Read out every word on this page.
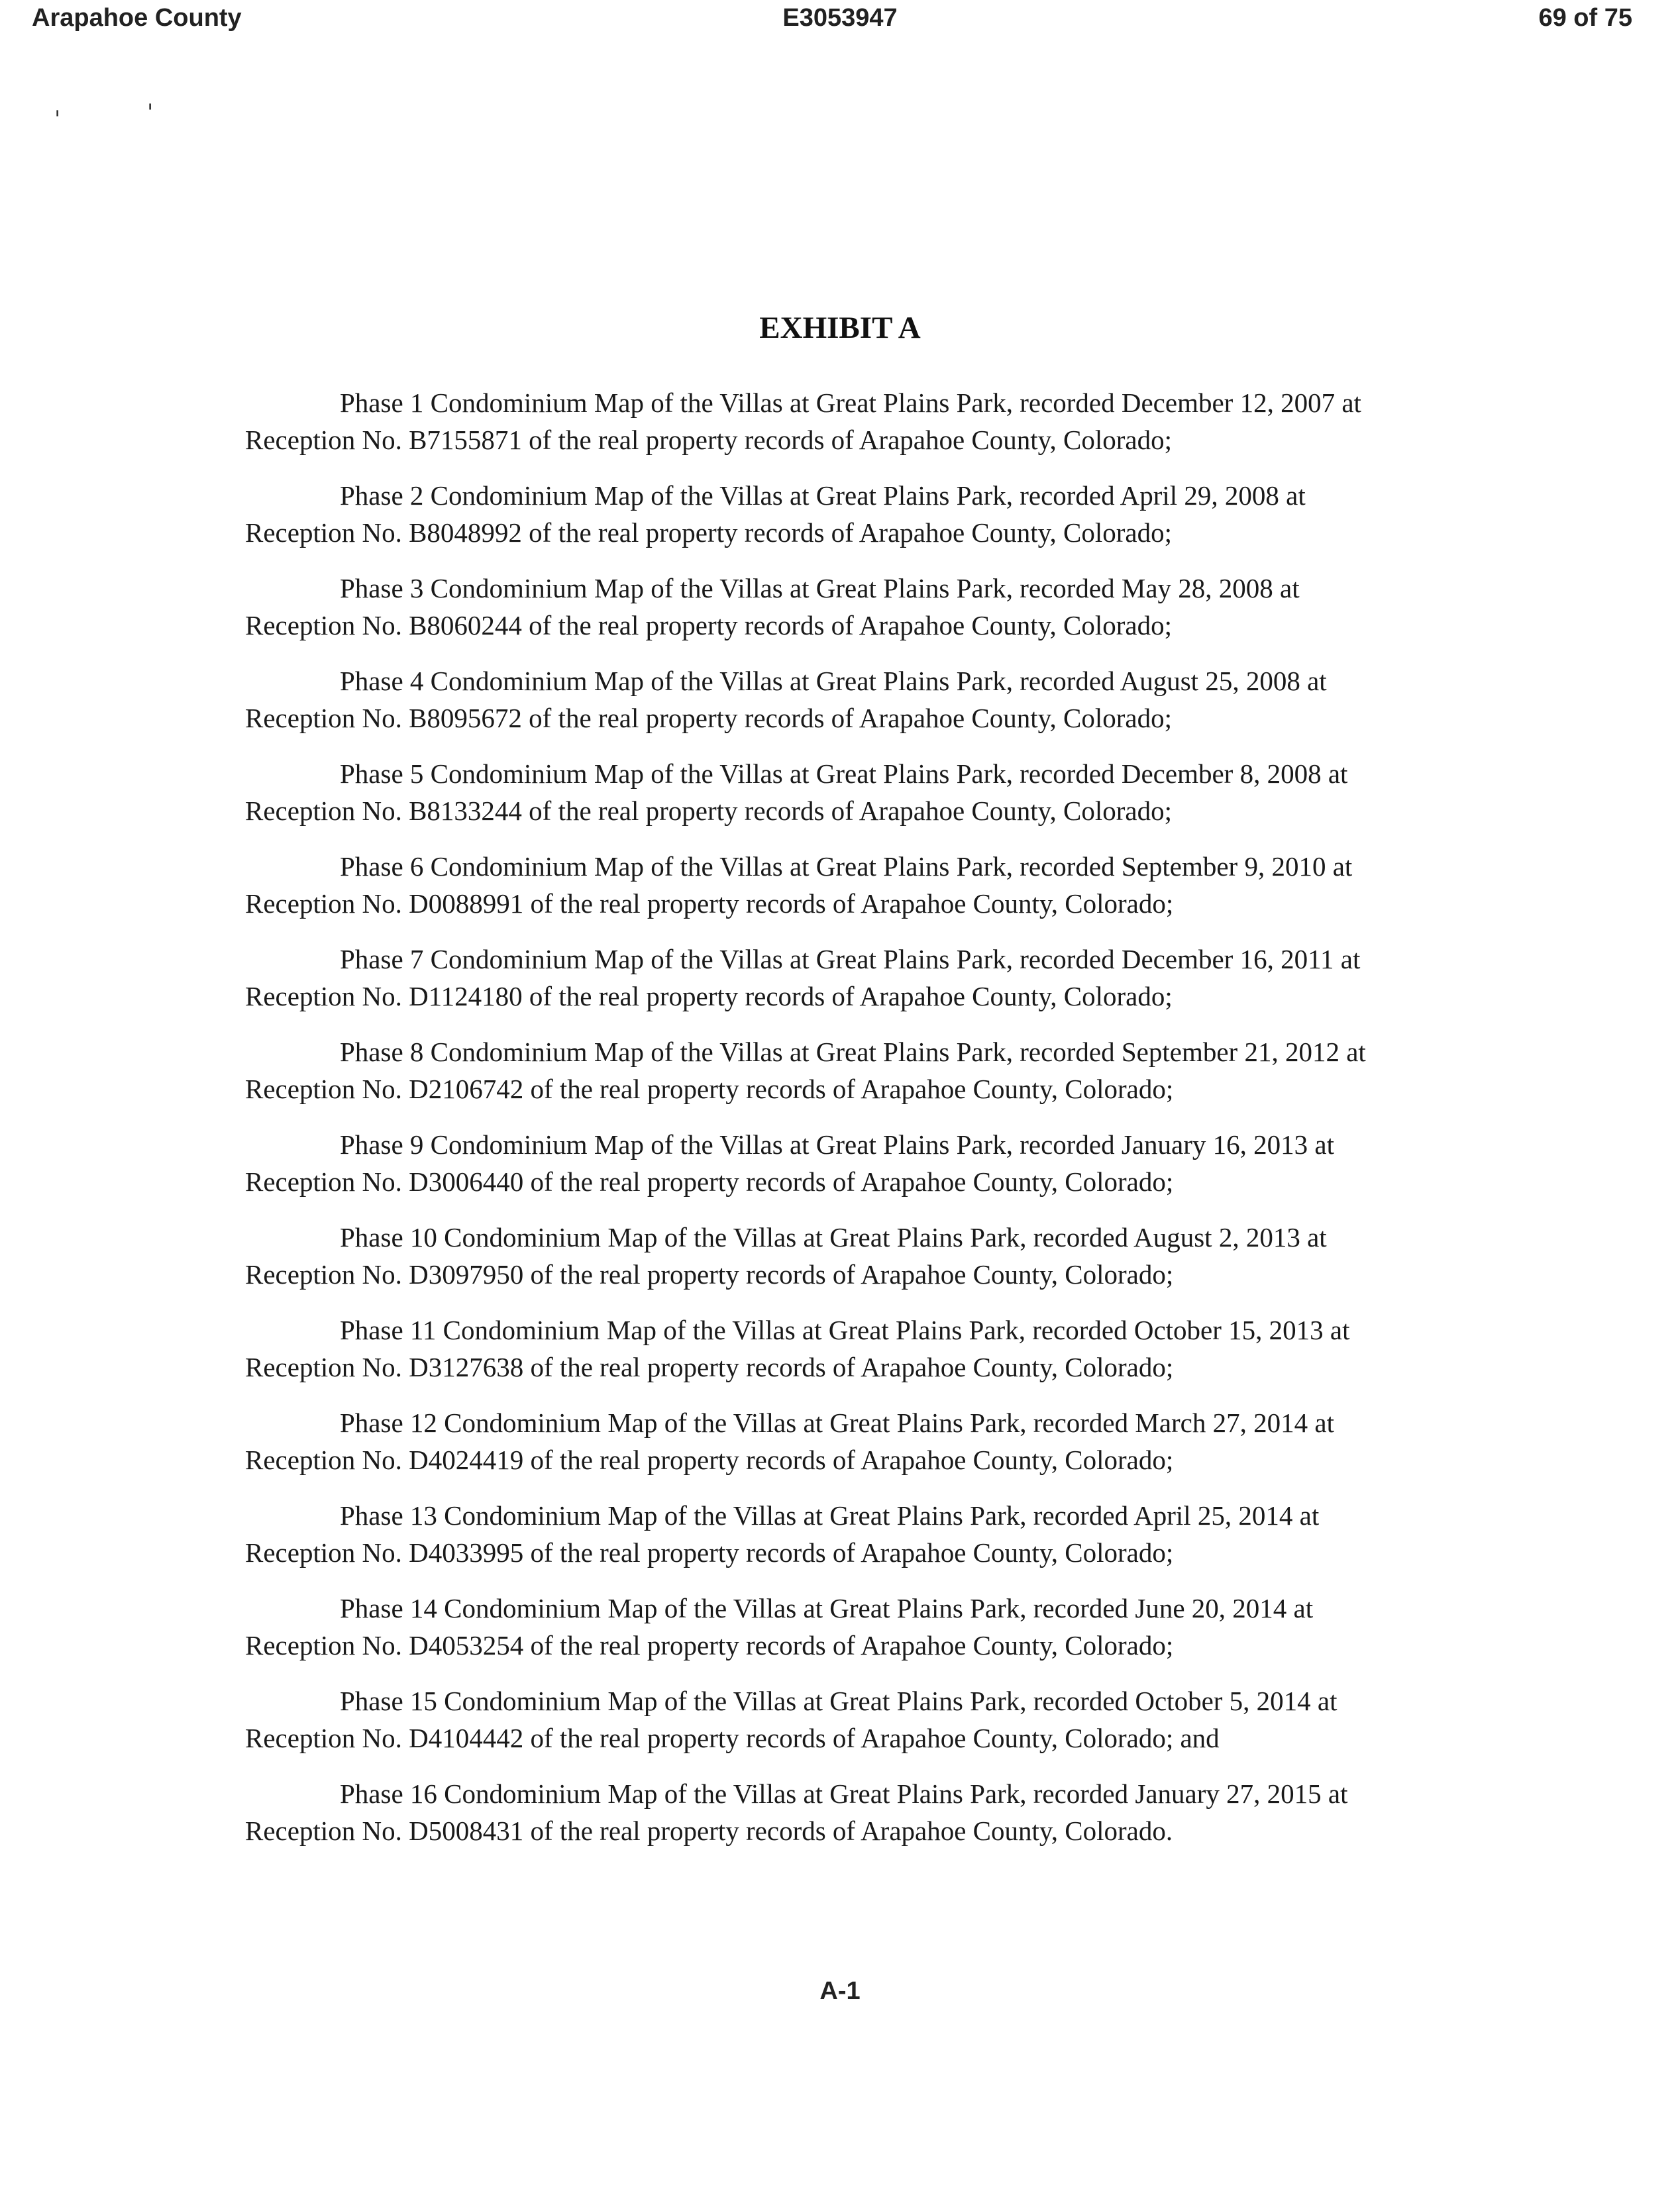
Arapahoe County	E3053947	69 of 75
'	'
EXHIBIT A
Phase 1 Condominium Map of the Villas at Great Plains Park, recorded December 12, 2007 at
Reception No. B7155871 of the real property records of Arapahoe County, Colorado;
Phase 2 Condominium Map of the Villas at Great Plains Park, recorded April 29, 2008 at
Reception No. B8048992 of the real property records of Arapahoe County, Colorado;
Phase 3 Condominium Map of the Villas at Great Plains Park, recorded May 28, 2008 at
Reception No. B8060244 of the real property records of Arapahoe County, Colorado;
Phase 4 Condominium Map of the Villas at Great Plains Park, recorded August 25, 2008 at
Reception No. B8095672 of the real property records of Arapahoe County, Colorado;
Phase 5 Condominium Map of the Villas at Great Plains Park, recorded December 8, 2008 at
Reception No. B8133244 of the real property records of Arapahoe County, Colorado;
Phase 6 Condominium Map of the Villas at Great Plains Park, recorded September 9, 2010 at
Reception No. D0088991 of the real property records of Arapahoe County, Colorado;
Phase 7 Condominium Map of the Villas at Great Plains Park, recorded December 16, 2011 at
Reception No. D1124180 of the real property records of Arapahoe County, Colorado;
Phase 8 Condominium Map of the Villas at Great Plains Park, recorded September 21, 2012 at
Reception No. D2106742 of the real property records of Arapahoe County, Colorado;
Phase 9 Condominium Map of the Villas at Great Plains Park, recorded January 16, 2013 at
Reception No. D3006440 of the real property records of Arapahoe County, Colorado;
Phase 10 Condominium Map of the Villas at Great Plains Park, recorded August 2, 2013 at
Reception No. D3097950 of the real property records of Arapahoe County, Colorado;
Phase 11 Condominium Map of the Villas at Great Plains Park, recorded October 15, 2013 at
Reception No. D3127638 of the real property records of Arapahoe County, Colorado;
Phase 12 Condominium Map of the Villas at Great Plains Park, recorded March 27, 2014 at
Reception No. D4024419 of the real property records of Arapahoe County, Colorado;
Phase 13 Condominium Map of the Villas at Great Plains Park, recorded April 25, 2014 at
Reception No. D4033995 of the real property records of Arapahoe County, Colorado;
Phase 14 Condominium Map of the Villas at Great Plains Park, recorded June 20, 2014 at
Reception No. D4053254 of the real property records of Arapahoe County, Colorado;
Phase 15 Condominium Map of the Villas at Great Plains Park, recorded October 5, 2014 at
Reception No. D4104442 of the real property records of Arapahoe County, Colorado; and
Phase 16 Condominium Map of the Villas at Great Plains Park, recorded January 27, 2015 at
Reception No. D5008431 of the real property records of Arapahoe County, Colorado.
A-1
